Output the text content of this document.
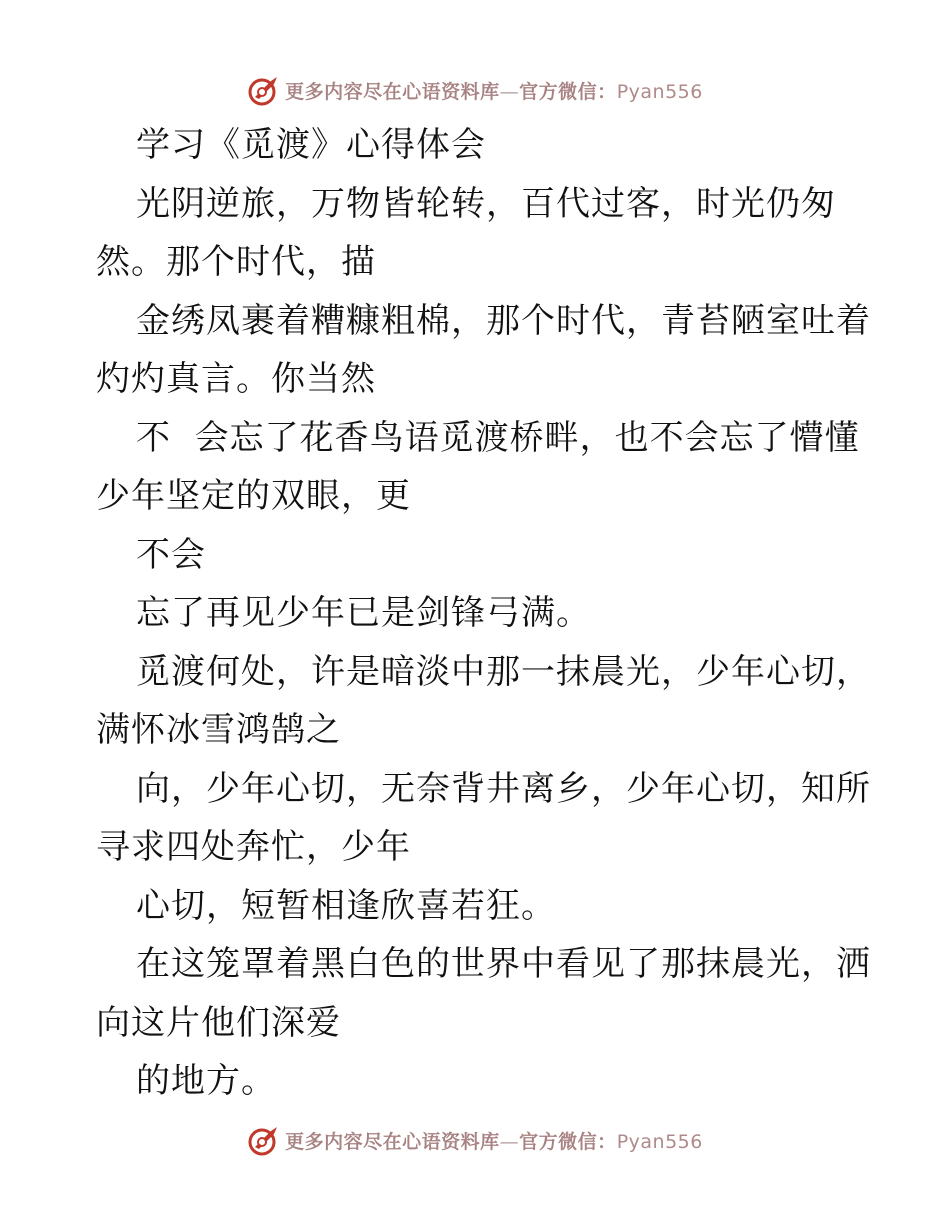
更多内容尽在心语资料库—官方微信：Pyan556
学习《觅渡》心得体会
光阴逆旅，万物皆轮转，百代过客，时光仍匆
然。那个时代，描
金绣凤裹着糟糠粗棉，那个时代，青苔陋室吐着
灼灼真言。你当然
不  会忘了花香鸟语觅渡桥畔，也不会忘了懵懂
少年坚定的双眼，更
不会
忘了再见少年已是剑锋弓满。
觅渡何处，许是暗淡中那一抹晨光，少年心切，
满怀冰雪鸿鹄之
向，少年心切，无奈背井离乡，少年心切，知所
寻求四处奔忙，少年
心切，短暂相逢欣喜若狂。
在这笼罩着黑白色的世界中看见了那抹晨光，洒
向这片他们深爱
的地方。
更多内容尽在心语资料库—官方微信：Pyan556
